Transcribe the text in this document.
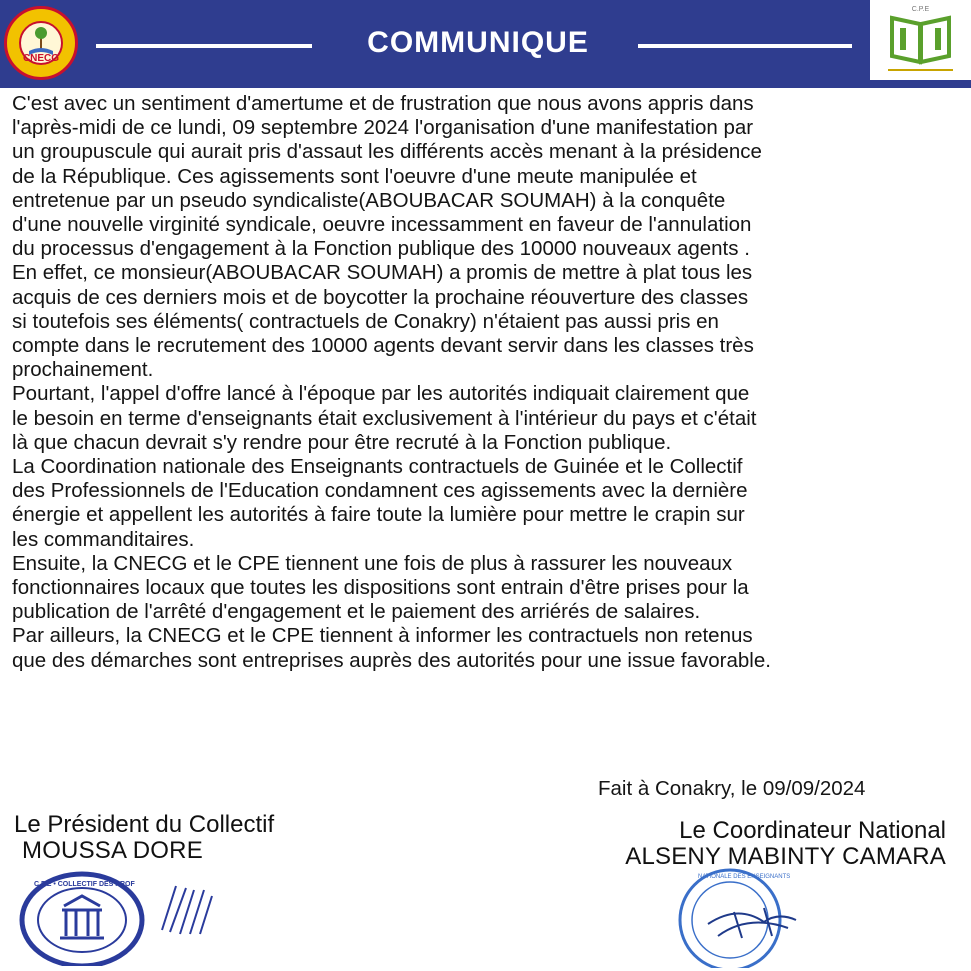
CNECG	COMMUNIQUE
C.P.E

C'est avec un sentiment d'amertume et de frustration que nous avons appris dans

l'après-midi de ce lundi, 09 septembre 2024 l'organisation d'une manifestation par

un groupuscule qui aurait pris d'assaut les différents accès menant à la présidence

de la République. Ces agissements sont l'oeuvre d'une meute manipulée et

entretenue par un pseudo syndicaliste(ABOUBACAR SOUMAH) à la conquête

d'une nouvelle virginité syndicale, oeuvre incessamment en faveur de l'annulation

du processus d'engagement à la Fonction publique des 10000 nouveaux agents .

En effet, ce monsieur(ABOUBACAR SOUMAH) a promis de mettre à plat tous les

acquis de ces derniers mois et de boycotter la prochaine réouverture des classes

si toutefois ses éléments( contractuels de Conakry) n'étaient pas aussi pris en

compte dans le recrutement des 10000 agents devant servir dans les classes très

prochainement.

Pourtant, l'appel d'offre lancé à l'époque par les autorités indiquait clairement que

le besoin en terme d'enseignants était exclusivement à l'intérieur du pays et c'était

là que chacun devrait s'y rendre pour être recruté à la Fonction publique.

La Coordination nationale des Enseignants contractuels de Guinée et le Collectif

des Professionnels de l'Education condamnent ces agissements avec la dernière

énergie et appellent les autorités à faire toute la lumière pour mettre le crapin sur

les commanditaires.

Ensuite, la CNECG et le CPE tiennent une fois de plus à rassurer les nouveaux

fonctionnaires locaux que toutes les dispositions sont entrain d'être prises pour la

publication de l'arrêté d'engagement et le paiement des arriérés de salaires.

Par ailleurs, la CNECG et le CPE tiennent à informer les contractuels non retenus

que des démarches sont entreprises auprès des autorités pour une issue favorable.

Fait à Conakry, le 09/09/2024
Le Président du Collectif
MOUSSA DORE
Le Coordinateur National
ALSENY MABINTY CAMARA
C.P.E • COLLECTIF DES PROF
NATIONALE DES ENSEIGNANTS
